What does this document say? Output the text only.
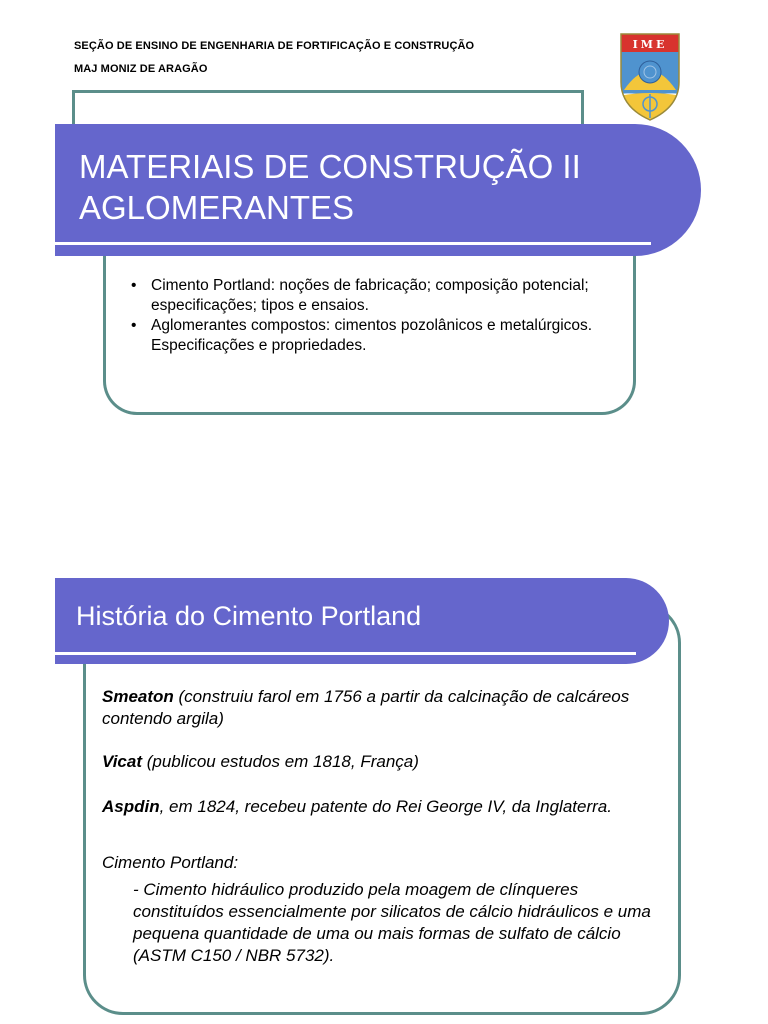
SEÇÃO DE ENSINO DE ENGENHARIA DE FORTIFICAÇÃO E CONSTRUÇÃO
MAJ MONIZ DE ARAGÃO
IME
MATERIAIS DE CONSTRUÇÃO II
AGLOMERANTES
• Cimento Portland: noções de fabricação; composição potencial; especificações; tipos e ensaios.
• Aglomerantes compostos: cimentos pozolânicos e metalúrgicos. Especificações e propriedades.
História do Cimento Portland

Smeaton (construiu farol em 1756 a partir da calcinação de calcáreos contendo argila)

Vicat (publicou estudos em 1818, França)

Aspdin, em 1824, recebeu patente do Rei George IV, da Inglaterra.

Cimento Portland:

- Cimento hidráulico produzido pela moagem de clínqueres constituídos essencialmente por silicatos de cálcio hidráulicos e uma pequena quantidade de uma ou mais formas de sulfato de cálcio (ASTM C150 / NBR 5732).
